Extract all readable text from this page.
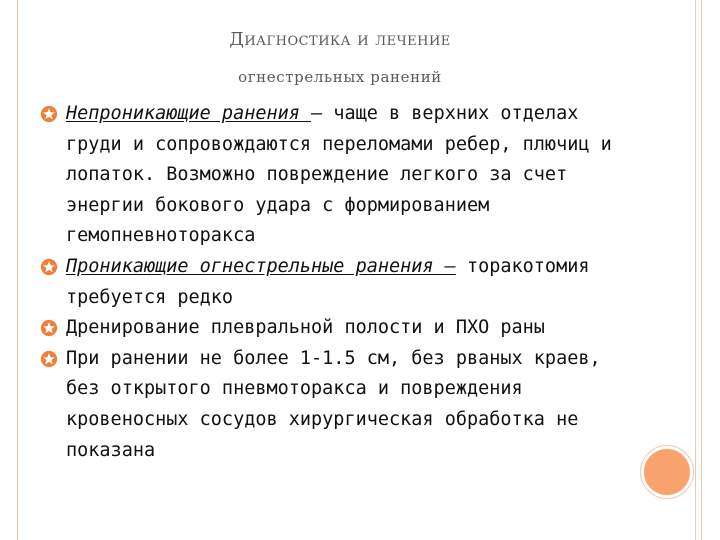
Диагностика и лечение
огнестрельных ранений
Непроникающие ранения – чаще в верхних отделах груди и сопровождаются переломами ребер, плючиц и лопаток. Возможно повреждение легкого за счет энергии бокового удара с формированием гемопневноторакса
Проникающие огнестрельные ранения – торакотомия требуется редко
Дренирование плевральной полости и ПХО раны
При ранении не более 1-1.5 см, без рваных краев, без открытого пневмоторакса и повреждения кровеносных сосудов хирургическая обработка не показана
